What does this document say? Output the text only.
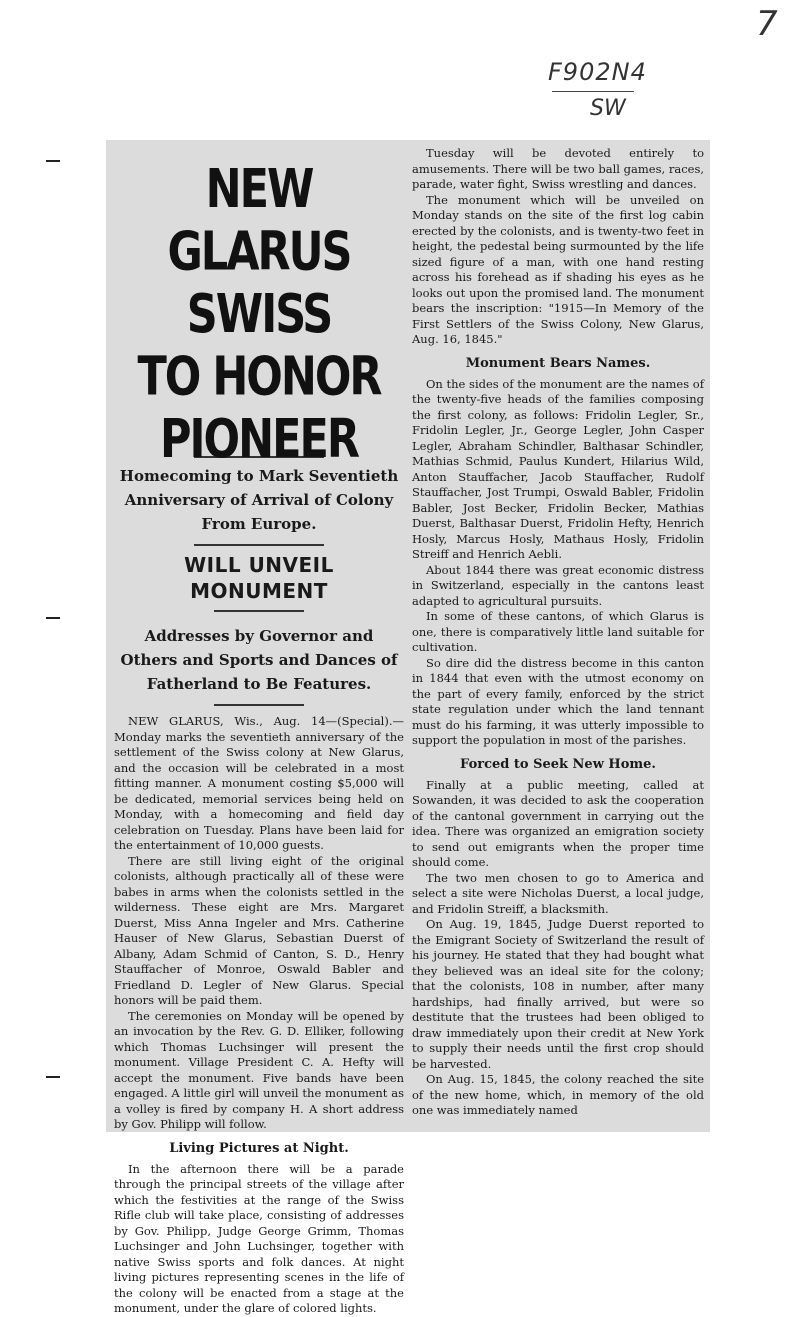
7
F902N4
SW
NEW GLARUS SWISS
TO HONOR PIONEER
Homecoming to Mark Seventieth Anniversary of Arrival of Colony From Europe.
WILL UNVEIL MONUMENT
Addresses by Governor and Others and Sports and Dances of Fatherland to Be Features.

NEW GLARUS, Wis., Aug. 14—(Special).—Monday marks the seventieth anniversary of the settlement of the Swiss colony at New Glarus, and the occasion will be celebrated in a most fitting manner. A monument costing $5,000 will be dedicated, memorial services being held on Monday, with a homecoming and field day celebration on Tuesday. Plans have been laid for the entertainment of 10,000 guests.

There are still living eight of the original colonists, although practically all of these were babes in arms when the colonists settled in the wilderness. These eight are Mrs. Margaret Duerst, Miss Anna Ingeler and Mrs. Catherine Hauser of New Glarus, Sebastian Duerst of Albany, Adam Schmid of Canton, S. D., Henry Stauffacher of Monroe, Oswald Babler and Friedland D. Legler of New Glarus. Special honors will be paid them.

The ceremonies on Monday will be opened by an invocation by the Rev. G. D. Elliker, following which Thomas Luchsinger will present the monument. Village President C. A. Hefty will accept the monument. Five bands have been engaged. A little girl will unveil the monument as a volley is fired by company H. A short address by Gov. Philipp will follow.

Living Pictures at Night.

In the afternoon there will be a parade through the principal streets of the village after which the festivities at the range of the Swiss Rifle club will take place, consisting of addresses by Gov. Philipp, Judge George Grimm, Thomas Luchsinger and John Luchsinger, together with native Swiss sports and folk dances. At night living pictures representing scenes in the life of the colony will be enacted from a stage at the monument, under the glare of colored lights.

Tuesday will be devoted entirely to amusements. There will be two ball games, races, parade, water fight, Swiss wrestling and dances.

The monument which will be unveiled on Monday stands on the site of the first log cabin erected by the colonists, and is twenty-two feet in height, the pedestal being surmounted by the life sized figure of a man, with one hand resting across his forehead as if shading his eyes as he looks out upon the promised land. The monument bears the inscription: "1915—In Memory of the First Settlers of the Swiss Colony, New Glarus, Aug. 16, 1845."

Monument Bears Names.

On the sides of the monument are the names of the twenty-five heads of the families composing the first colony, as follows: Fridolin Legler, Sr., Fridolin Legler, Jr., George Legler, John Casper Legler, Abraham Schindler, Balthasar Schindler, Mathias Schmid, Paulus Kundert, Hilarius Wild, Anton Stauffacher, Jacob Stauffacher, Rudolf Stauffacher, Jost Trumpi, Oswald Babler, Fridolin Babler, Jost Becker, Fridolin Becker, Mathias Duerst, Balthasar Duerst, Fridolin Hefty, Henrich Hosly, Marcus Hosly, Mathaus Hosly, Fridolin Streiff and Henrich Aebli.

About 1844 there was great economic distress in Switzerland, especially in the cantons least adapted to agricultural pursuits.

In some of these cantons, of which Glarus is one, there is comparatively little land suitable for cultivation.

So dire did the distress become in this canton in 1844 that even with the utmost economy on the part of every family, enforced by the strict state regulation under which the land tennant must do his farming, it was utterly impossible to support the population in most of the parishes.

Forced to Seek New Home.

Finally at a public meeting, called at Sowanden, it was decided to ask the cooperation of the cantonal government in carrying out the idea. There was organized an emigration society to send out emigrants when the proper time should come.

The two men chosen to go to America and select a site were Nicholas Duerst, a local judge, and Fridolin Streiff, a blacksmith.

On Aug. 19, 1845, Judge Duerst reported to the Emigrant Society of Switzerland the result of his journey. He stated that they had bought what they believed was an ideal site for the colony; that the colonists, 108 in number, after many hardships, had finally arrived, but were so destitute that the trustees had been obliged to draw immediately upon their credit at New York to supply their needs until the first crop should be harvested.

On Aug. 15, 1845, the colony reached the site of the new home, which, in memory of the old one was immediately named
